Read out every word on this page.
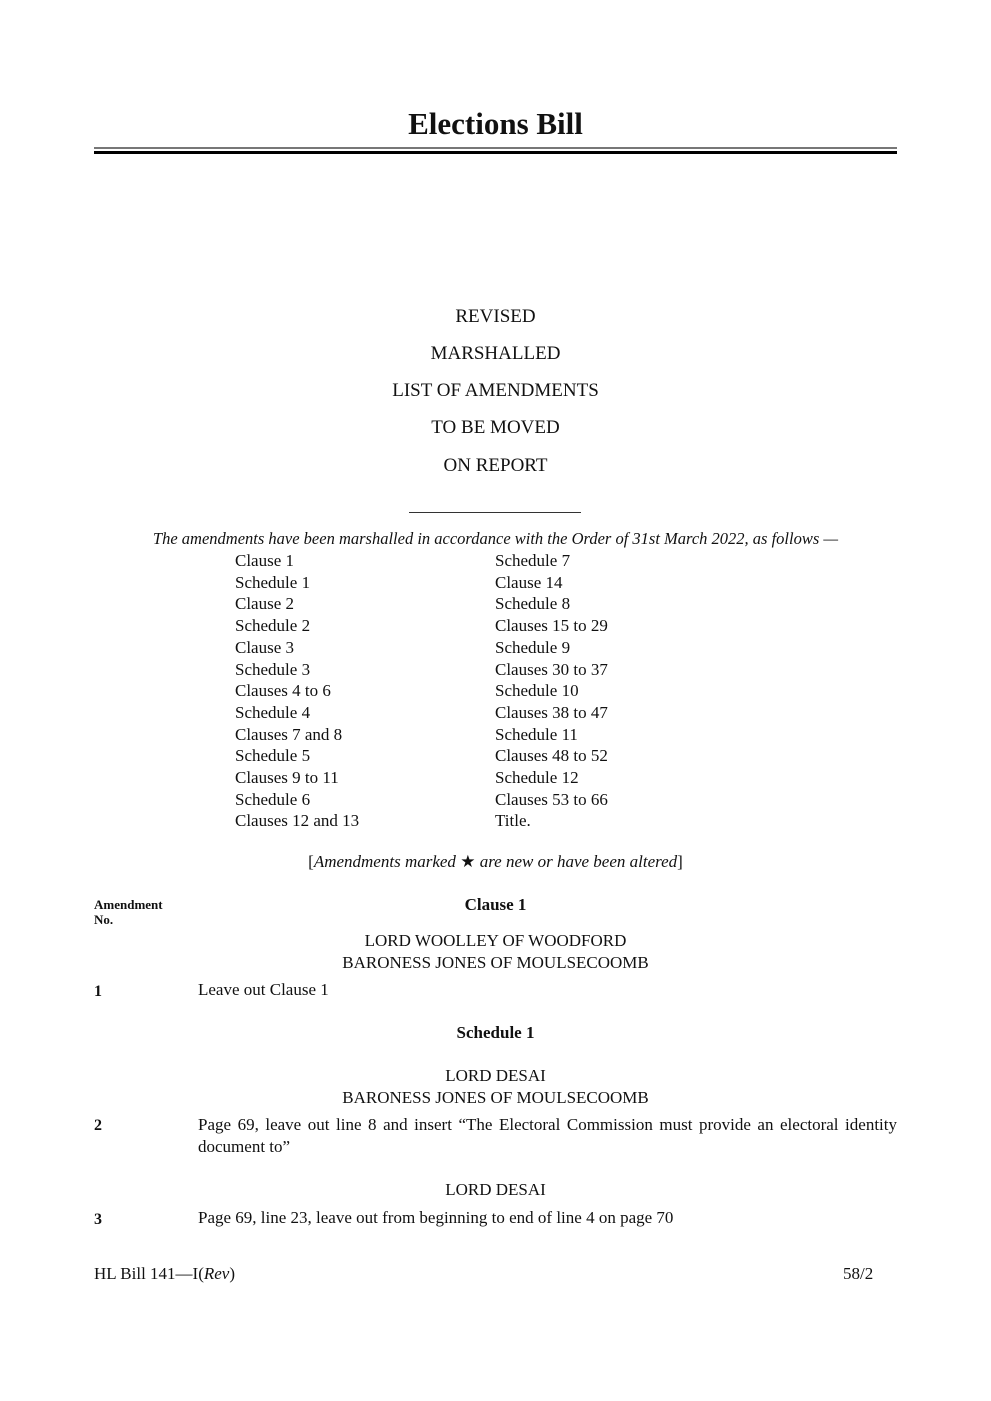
Elections Bill
REVISED
MARSHALLED
LIST OF AMENDMENTS
TO BE MOVED
ON REPORT
The amendments have been marshalled in accordance with the Order of 31st March 2022, as follows —
Clause 1
Schedule 1
Clause 2
Schedule 2
Clause 3
Schedule 3
Clauses 4 to 6
Schedule 4
Clauses 7 and 8
Schedule 5
Clauses 9 to 11
Schedule 6
Clauses 12 and 13
Schedule 7
Clause 14
Schedule 8
Clauses 15 to 29
Schedule 9
Clauses 30 to 37
Schedule 10
Clauses 38 to 47
Schedule 11
Clauses 48 to 52
Schedule 12
Clauses 53 to 66
Title.
[Amendments marked ★ are new or have been altered]
Amendment
No.
Clause 1
LORD WOOLLEY OF WOODFORD
BARONESS JONES OF MOULSECOOMB
1	Leave out Clause 1
Schedule 1
LORD DESAI
BARONESS JONES OF MOULSECOOMB
2	Page 69, leave out line 8 and insert “The Electoral Commission must provide an electoral identity document to”
LORD DESAI
3	Page 69, line 23, leave out from beginning to end of line 4 on page 70
HL Bill 141—I(Rev)	58/2
